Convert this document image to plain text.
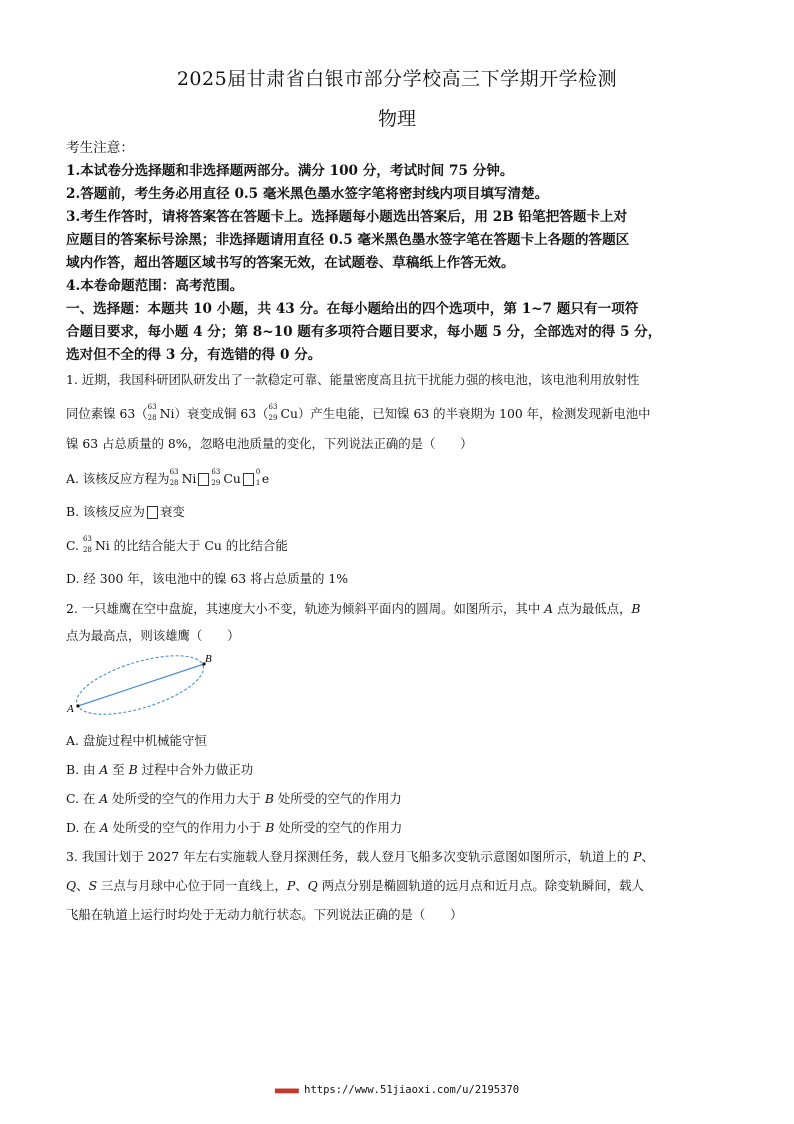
2025届甘肃省白银市部分学校高三下学期开学检测
物理
考生注意：
1.本试卷分选择题和非选择题两部分。满分 100 分，考试时间 75 分钟。
2.答题前，考生务必用直径 0.5 毫米黑色墨水签字笔将密封线内项目填写清楚。
3.考生作答时，请将答案答在答题卡上。选择题每小题选出答案后，用 2B 铅笔把答题卡上对
应题目的答案标号涂黑；非选择题请用直径 0.5 毫米黑色墨水签字笔在答题卡上各题的答题区
域内作答，超出答题区域书写的答案无效，在试题卷、草稿纸上作答无效。
4.本卷命题范围：高考范围。
一、选择题：本题共 10 小题，共 43 分。在每小题给出的四个选项中，第 1~7 题只有一项符
合题目要求，每小题 4 分；第 8~10 题有多项符合题目要求，每小题 5 分，全部选对的得 5 分，
选对但不全的得 3 分，有选错的得 0 分。
1. 近期，我国科研团队研发出了一款稳定可靠、能量密度高且抗干扰能力强的核电池，该电池利用放射性
同位素镍 63（ 63
28 Ni）衰变成铜 63（ 63
29 Cu）产生电能，已知镍 63 的半衰期为 100 年，检测发现新电池中
镍 63 占总质量的 8%，忽略电池质量的变化，下列说法正确的是（　　）
A. 该核反应方程为 63
28 Ni 63
29 Cu 0
1 e
B. 该核反应为 衰变
C. 63
28 Ni 的比结合能大于 Cu 的比结合能
D. 经 300 年，该电池中的镍 63 将占总质量的 1%
2. 一只雄鹰在空中盘旋，其速度大小不变，轨迹为倾斜平面内的圆周。如图所示，其中 A 点为最低点，B
点为最高点，则该雄鹰（　　）
A
B
A. 盘旋过程中机械能守恒
B. 由 A 至 B 过程中合外力做正功
C. 在 A 处所受的空气的作用力大于 B 处所受的空气的作用力
D. 在 A 处所受的空气的作用力小于 B 处所受的空气的作用力
3. 我国计划于 2027 年左右实施载人登月探测任务，载人登月飞船多次变轨示意图如图所示，轨道上的 P、
Q、S 三点与月球中心位于同一直线上，P、Q 两点分别是椭圆轨道的远月点和近月点。除变轨瞬间，载人
飞船在轨道上运行时均处于无动力航行状态。下列说法正确的是（　　）
■■■■■■ https://www.51jiaoxi.com/u/2195370
